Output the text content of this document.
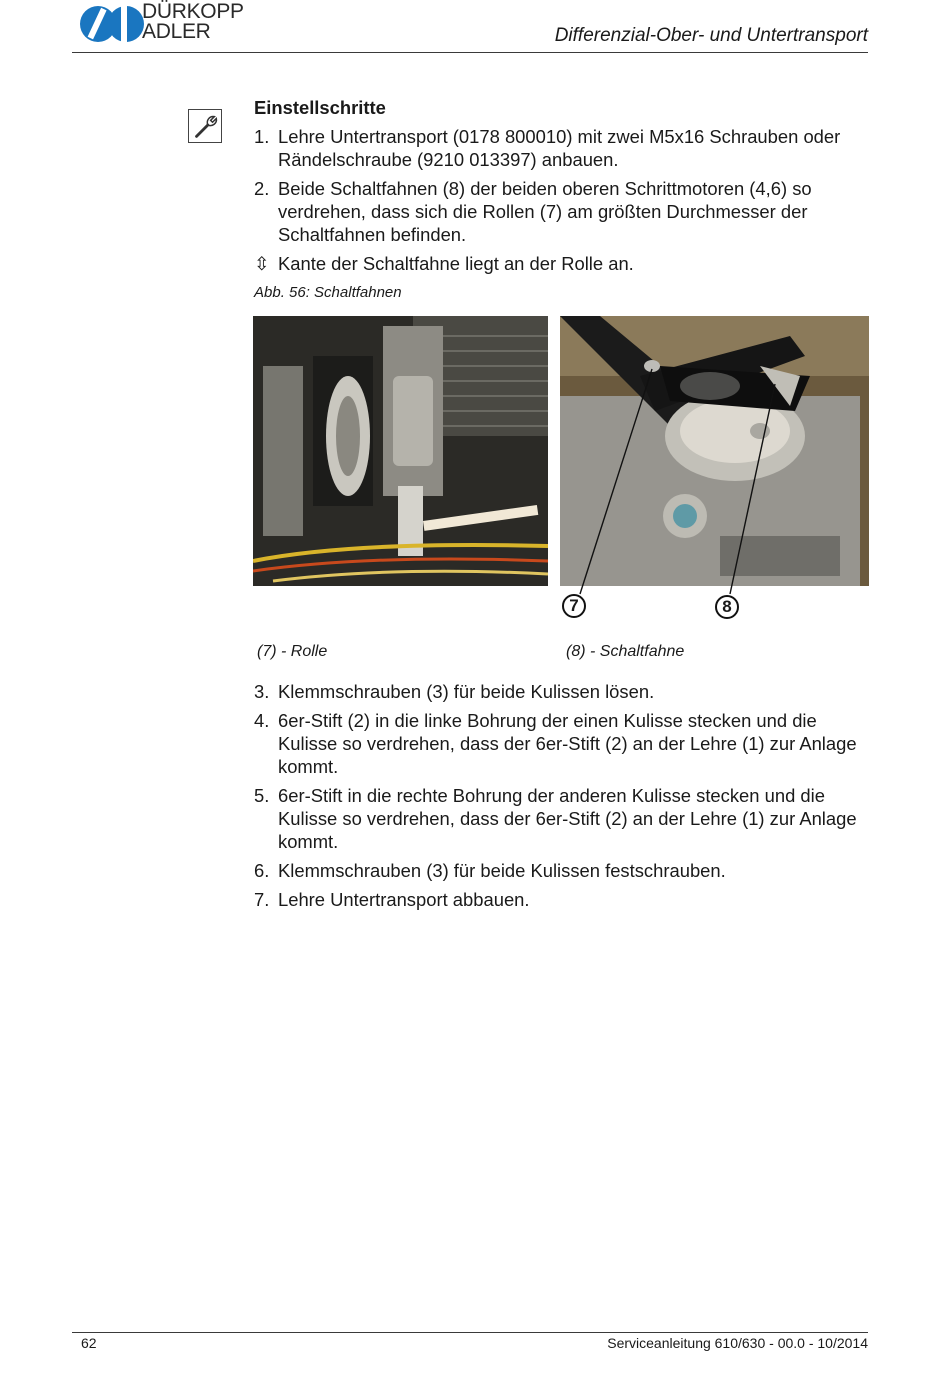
DÜRKOPP
ADLER	Differenzial-Ober- und Untertransport
Einstellschritte
1. Lehre Untertransport (0178 800010) mit zwei M5x16 Schrauben oder Rändelschraube (9210 013397) anbauen.
2. Beide Schaltfahnen (8) der beiden oberen Schrittmotoren (4,6) so verdrehen, dass sich die Rollen (7) am größten Durchmesser der Schaltfahnen befinden.
⇳ Kante der Schaltfahne liegt an der Rolle an.
Abb. 56: Schaltfahnen
7	8
(7) - Rolle	(8) - Schaltfahne
3. Klemmschrauben (3) für beide Kulissen lösen.
4. 6er-Stift (2) in die linke Bohrung der einen Kulisse stecken und die Kulisse so verdrehen, dass der 6er-Stift (2) an der Lehre (1) zur Anlage kommt.
5. 6er-Stift in die rechte Bohrung der anderen Kulisse stecken und die Kulisse so verdrehen, dass der 6er-Stift (2) an der Lehre (1) zur Anlage kommt.
6. Klemmschrauben (3) für beide Kulissen festschrauben.
7. Lehre Untertransport abbauen.
62	Serviceanleitung 610/630 - 00.0 - 10/2014
